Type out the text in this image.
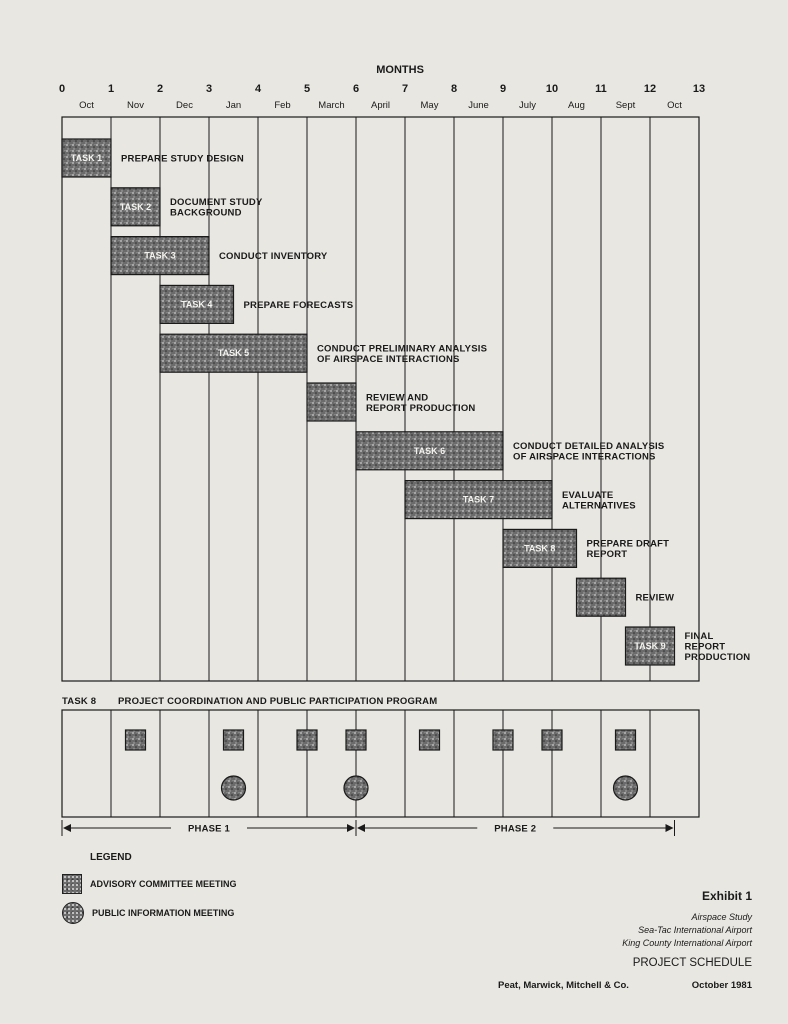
MONTHS
0	1	2	3	4	5	6	7	8	9	10	11	12	13
Oct	Nov	Dec	Jan	Feb	March	April	May	June	July	Aug	Sept	Oct
TASK 1 PREPARE STUDY DESIGN
TASK 2 DOCUMENT STUDY
BACKGROUND
TASK 3	CONDUCT INVENTORY
TASK 4	PREPARE FORECASTS
TASK 5	CONDUCT PRELIMINARY ANALYSIS
OF AIRSPACE INTERACTIONS
REVIEW AND
REPORT PRODUCTION
TASK 6	CONDUCT DETAILED ANALYSIS
OF AIRSPACE INTERACTIONS
TASK 7	EVALUATE
ALTERNATIVES
TASK 8	PREPARE DRAFT
REPORT
REVIEW
TASK 9
FINAL
REPORT
PRODUCTION
TASK 8 PROJECT COORDINATION AND PUBLIC PARTICIPATION PROGRAM
PHASE 1	PHASE 2
LEGEND
ADVISORY COMMITTEE MEETING
PUBLIC INFORMATION MEETING
Exhibit 1
Airspace Study
Sea-Tac International Airport
King County International Airport
PROJECT SCHEDULE
Peat, Marwick, Mitchell & Co.	October 1981
